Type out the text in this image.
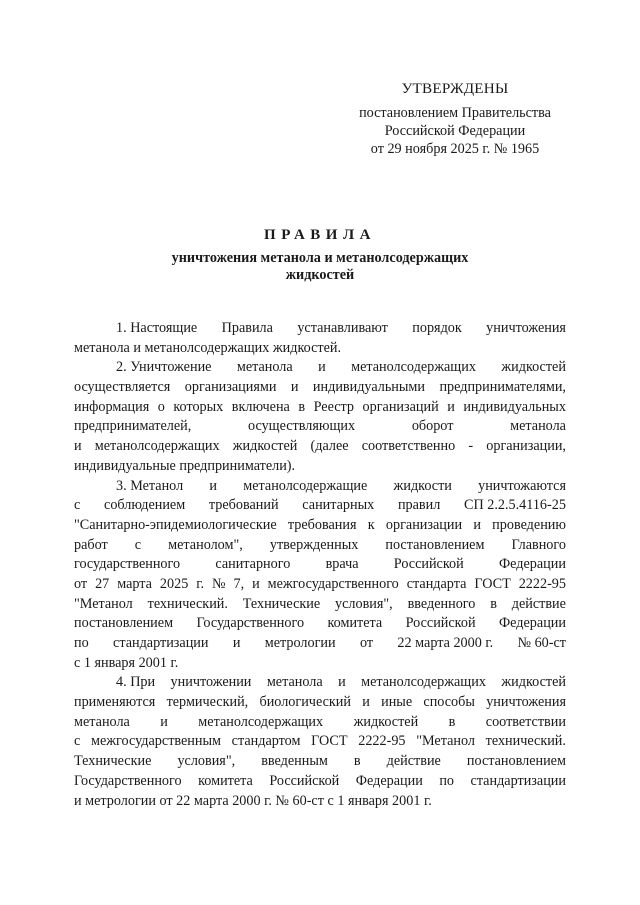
УТВЕРЖДЕНЫ
постановлением Правительства
Российской Федерации
от 29 ноября 2025 г. № 1965
ПРАВИЛА
уничтожения метанола и метанолсодержащих
жидкостей
1. Настоящие Правила устанавливают порядок уничтожения
метанола и метанолсодержащих жидкостей.
2. Уничтожение метанола и метанолсодержащих жидкостей
осуществляется организациями и индивидуальными предпринимателями,
информация о которых включена в Реестр организаций и индивидуальных
предпринимателей,	осуществляющих	оборот	метанола
и метанолсодержащих жидкостей (далее соответственно - организации,
индивидуальные предприниматели).
3. Метанол и метанолсодержащие жидкости уничтожаются
с соблюдением требований санитарных правил СП 2.2.5.4116-25
"Санитарно-эпидемиологические требования к организации и проведению
работ с метанолом", утвержденных постановлением Главного
государственного санитарного врача Российской Федерации
от 27 марта 2025 г. № 7, и межгосударственного стандарта ГОСТ 2222-95
"Метанол технический. Технические условия", введенного в действие
постановлением Государственного комитета Российской Федерации
по стандартизации и метрологии от 22 марта 2000 г. № 60-ст
с 1 января 2001 г.
4. При уничтожении метанола и метанолсодержащих жидкостей
применяются термический, биологический и иные способы уничтожения
метанола и метанолсодержащих жидкостей в соответствии
с межгосударственным стандартом ГОСТ 2222-95 "Метанол технический.
Технические условия", введенным в действие постановлением
Государственного комитета Российской Федерации по стандартизации
и метрологии от 22 марта 2000 г. № 60-ст с 1 января 2001 г.
